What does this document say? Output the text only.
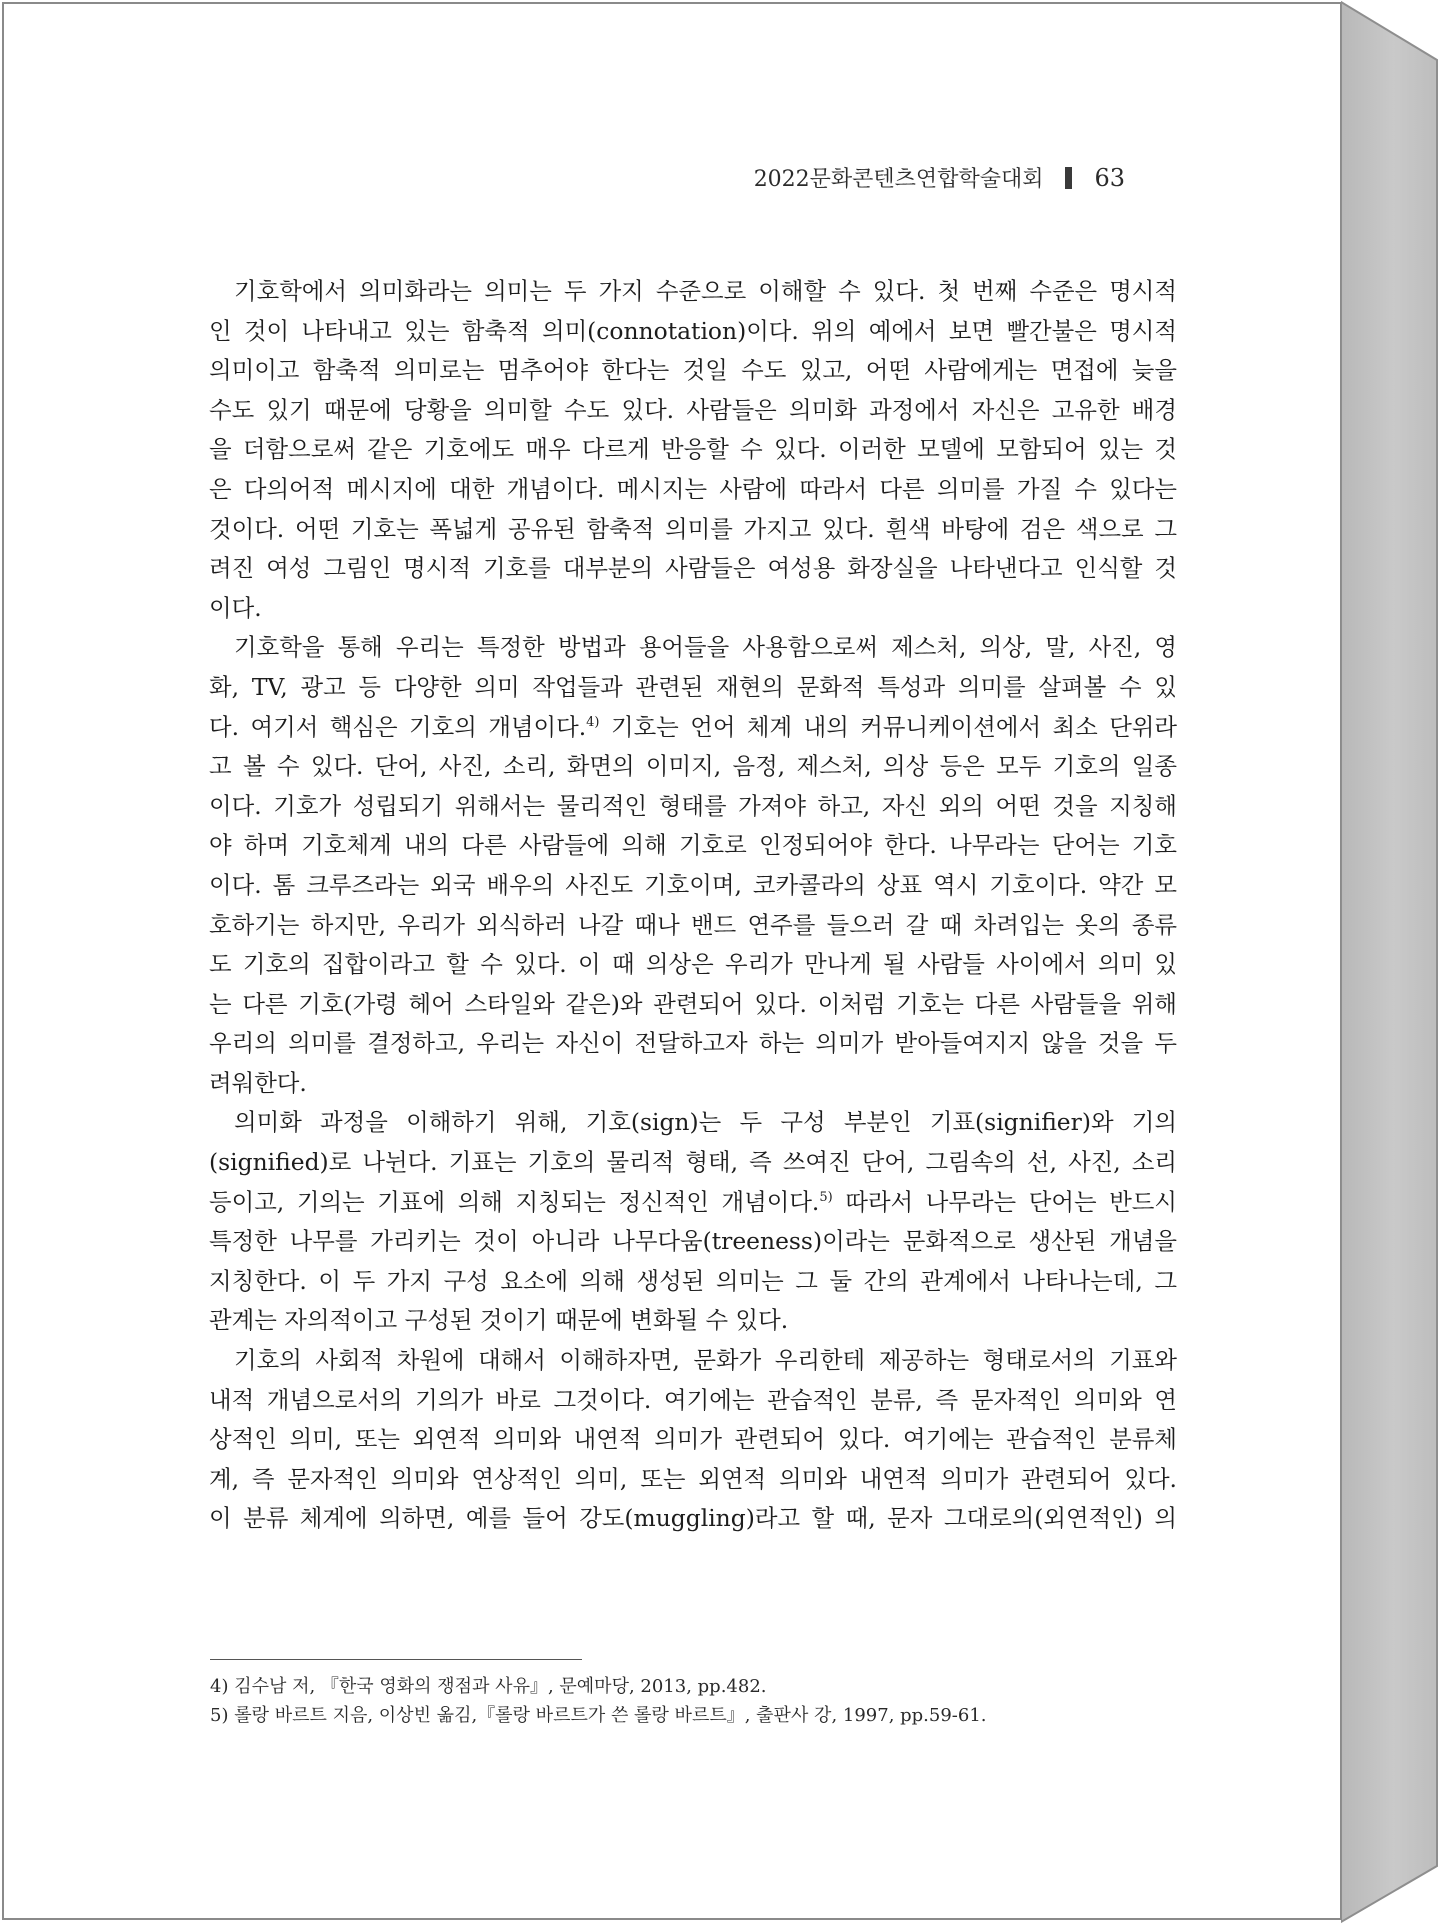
2022문화콘텐츠연합학술대회 63
기호학에서 의미화라는 의미는 두 가지 수준으로 이해할 수 있다. 첫 번째 수준은 명시적
인 것이 나타내고 있는 함축적 의미(connotation)이다. 위의 예에서 보면 빨간불은 명시적
의미이고 함축적 의미로는 멈추어야 한다는 것일 수도 있고, 어떤 사람에게는 면접에 늦을
수도 있기 때문에 당황을 의미할 수도 있다. 사람들은 의미화 과정에서 자신은 고유한 배경
을 더함으로써 같은 기호에도 매우 다르게 반응할 수 있다. 이러한 모델에 모함되어 있는 것
은 다의어적 메시지에 대한 개념이다. 메시지는 사람에 따라서 다른 의미를 가질 수 있다는
것이다. 어떤 기호는 폭넓게 공유된 함축적 의미를 가지고 있다. 흰색 바탕에 검은 색으로 그
려진 여성 그림인 명시적 기호를 대부분의 사람들은 여성용 화장실을 나타낸다고 인식할 것
이다.
기호학을 통해 우리는 특정한 방법과 용어들을 사용함으로써 제스처, 의상, 말, 사진, 영
화, TV, 광고 등 다양한 의미 작업들과 관련된 재현의 문화적 특성과 의미를 살펴볼 수 있
다. 여기서 핵심은 기호의 개념이다.$^{4)}$ 기호는 언어 체계 내의 커뮤니케이션에서 최소 단위라
고 볼 수 있다. 단어, 사진, 소리, 화면의 이미지, 음정, 제스처, 의상 등은 모두 기호의 일종
이다. 기호가 성립되기 위해서는 물리적인 형태를 가져야 하고, 자신 외의 어떤 것을 지칭해
야 하며 기호체계 내의 다른 사람들에 의해 기호로 인정되어야 한다. 나무라는 단어는 기호
이다. 톰 크루즈라는 외국 배우의 사진도 기호이며, 코카콜라의 상표 역시 기호이다. 약간 모
호하기는 하지만, 우리가 외식하러 나갈 때나 밴드 연주를 들으러 갈 때 차려입는 옷의 종류
도 기호의 집합이라고 할 수 있다. 이 때 의상은 우리가 만나게 될 사람들 사이에서 의미 있
는 다른 기호(가령 헤어 스타일와 같은)와 관련되어 있다. 이처럼 기호는 다른 사람들을 위해
우리의 의미를 결정하고, 우리는 자신이 전달하고자 하는 의미가 받아들여지지 않을 것을 두
려워한다.
의미화 과정을 이해하기 위해, 기호(sign)는 두 구성 부분인 기표(signifier)와 기의
(signified)로 나뉜다. 기표는 기호의 물리적 형태, 즉 쓰여진 단어, 그림속의 선, 사진, 소리
등이고, 기의는 기표에 의해 지칭되는 정신적인 개념이다.$^{5)}$ 따라서 나무라는 단어는 반드시
특정한 나무를 가리키는 것이 아니라 나무다움(treeness)이라는 문화적으로 생산된 개념을
지칭한다. 이 두 가지 구성 요소에 의해 생성된 의미는 그 둘 간의 관계에서 나타나는데, 그
관계는 자의적이고 구성된 것이기 때문에 변화될 수 있다.
기호의 사회적 차원에 대해서 이해하자면, 문화가 우리한테 제공하는 형태로서의 기표와
내적 개념으로서의 기의가 바로 그것이다. 여기에는 관습적인 분류, 즉 문자적인 의미와 연
상적인 의미, 또는 외연적 의미와 내연적 의미가 관련되어 있다. 여기에는 관습적인 분류체
계, 즉 문자적인 의미와 연상적인 의미, 또는 외연적 의미와 내연적 의미가 관련되어 있다.
이 분류 체계에 의하면, 예를 들어 강도(muggling)라고 할 때, 문자 그대로의(외연적인) 의
4) 김수남 저, 『한국 영화의 쟁점과 사유』, 문예마당, 2013, pp.482.
5) 롤랑 바르트 지음, 이상빈 옮김,『롤랑 바르트가 쓴 롤랑 바르트』, 출판사 강, 1997, pp.59-61.
